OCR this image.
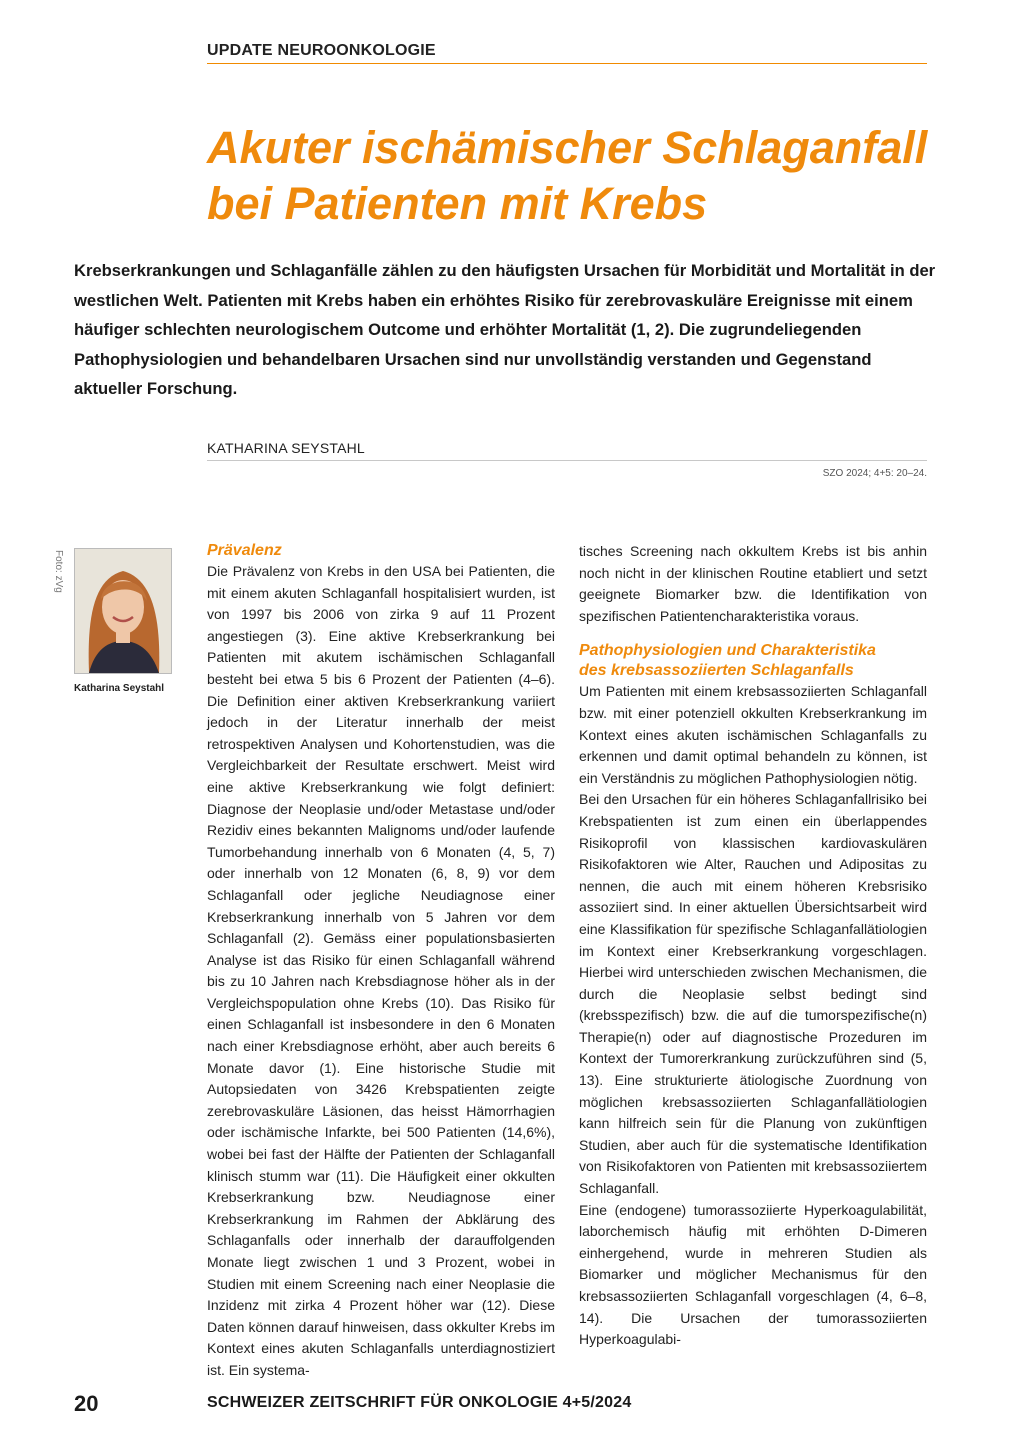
UPDATE NEUROONKOLOGIE
Akuter ischämischer Schlaganfall
bei Patienten mit Krebs
Krebserkrankungen und Schlaganfälle zählen zu den häufigsten Ursachen für Morbidität und Mortalität in der westlichen Welt. Patienten mit Krebs haben ein erhöhtes Risiko für zerebrovaskuläre Ereignisse mit einem häufiger schlechten neurologischem Outcome und erhöhter Mortalität (1, 2). Die zugrundeliegenden Pathophysiologien und behandelbaren Ursachen sind nur unvollständig verstanden und Gegenstand aktueller Forschung.
KATHARINA SEYSTAHL
SZO 2024; 4+5: 20–24.
Foto: zVg
Katharina Seystahl
Prävalenz

Die Prävalenz von Krebs in den USA bei Patienten, die mit einem akuten Schlaganfall hospitalisiert wurden, ist von 1997 bis 2006 von zirka 9 auf 11 Prozent angestiegen (3). Eine aktive Krebserkrankung bei Patienten mit akutem ischämischen Schlaganfall besteht bei etwa 5 bis 6 Prozent der Patienten (4–6). Die Definition einer aktiven Krebserkrankung variiert jedoch in der Literatur innerhalb der meist retrospektiven Analysen und Kohortenstudien, was die Vergleichbarkeit der Resultate erschwert. Meist wird eine aktive Krebserkrankung wie folgt definiert: Diagnose der Neoplasie und/oder Metastase und/oder Rezidiv eines bekannten Malignoms und/oder laufende Tumorbehandung innerhalb von 6 Monaten (4, 5, 7) oder innerhalb von 12 Monaten (6, 8, 9) vor dem Schlaganfall oder jegliche Neudiagnose einer Krebserkrankung innerhalb von 5 Jahren vor dem Schlaganfall (2). Gemäss einer populationsbasierten Analyse ist das Risiko für einen Schlaganfall während bis zu 10 Jahren nach Krebsdiagnose höher als in der Vergleichspopulation ohne Krebs (10). Das Risiko für einen Schlaganfall ist insbesondere in den 6 Monaten nach einer Krebsdiagnose erhöht, aber auch bereits 6 Monate davor (1). Eine historische Studie mit Autopsiedaten von 3426 Krebspatienten zeigte zerebrovaskuläre Läsionen, das heisst Hämorrhagien oder ischämische Infarkte, bei 500 Patienten (14,6%), wobei bei fast der Hälfte der Patienten der Schlaganfall klinisch stumm war (11). Die Häufigkeit einer okkulten Krebserkrankung bzw. Neudiagnose einer Krebserkrankung im Rahmen der Abklärung des Schlaganfalls oder innerhalb der darauffolgenden Monate liegt zwischen 1 und 3 Prozent, wobei in Studien mit einem Screening nach einer Neoplasie die Inzidenz mit zirka 4 Prozent höher war (12). Diese Daten können darauf hinweisen, dass okkulter Krebs im Kontext eines akuten Schlaganfalls unterdiagnostiziert ist. Ein systema-

tisches Screening nach okkultem Krebs ist bis anhin noch nicht in der klinischen Routine etabliert und setzt geeignete Biomarker bzw. die Identifikation von spezifischen Patientencharakteristika voraus.

Pathophysiologien und Charakteristika
des krebsassoziierten Schlaganfalls

Um Patienten mit einem krebsassoziierten Schlaganfall bzw. mit einer potenziell okkulten Krebserkrankung im Kontext eines akuten ischämischen Schlaganfalls zu erkennen und damit optimal behandeln zu können, ist ein Verständnis zu möglichen Pathophysiologien nötig.

Bei den Ursachen für ein höheres Schlaganfallrisiko bei Krebspatienten ist zum einen ein überlappendes Risikoprofil von klassischen kardiovaskulären Risikofaktoren wie Alter, Rauchen und Adipositas zu nennen, die auch mit einem höheren Krebsrisiko assoziiert sind. In einer aktuellen Übersichtsarbeit wird eine Klassifikation für spezifische Schlaganfallätiologien im Kontext einer Krebserkrankung vorgeschlagen. Hierbei wird unterschieden zwischen Mechanismen, die durch die Neoplasie selbst bedingt sind (krebsspezifisch) bzw. die auf die tumorspezifische(n) Therapie(n) oder auf diagnostische Prozeduren im Kontext der Tumorerkrankung zurückzuführen sind (5, 13). Eine strukturierte ätiologische Zuordnung von möglichen krebsassoziierten Schlaganfallätiologien kann hilfreich sein für die Planung von zukünftigen Studien, aber auch für die systematische Identifikation von Risikofaktoren von Patienten mit krebsassoziiertem Schlaganfall.

Eine (endogene) tumorassoziierte Hyperkoagulabilität, laborchemisch häufig mit erhöhten D-Dimeren einhergehend, wurde in mehreren Studien als Biomarker und möglicher Mechanismus für den krebsassoziierten Schlaganfall vorgeschlagen (4, 6–8, 14). Die Ursachen der tumorassoziierten Hyperkoagulabi-

20	SCHWEIZER ZEITSCHRIFT FÜR ONKOLOGIE 4+5/2024
